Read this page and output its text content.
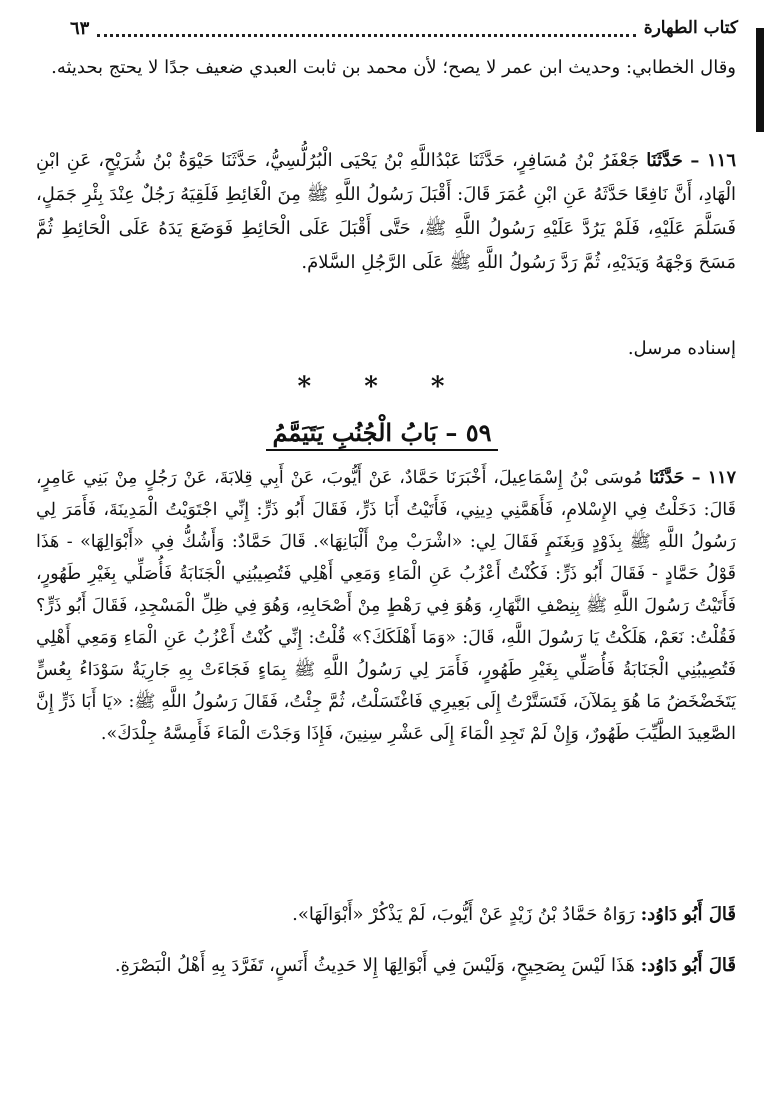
كتاب الطهارة
٦٣
وقال الخطابي: وحديث ابن عمر لا يصح؛ لأن محمد بن ثابت العبدي ضعيف جدًا لا يحتج بحديثه.
١١٦ – حَدَّثَنَا جَعْفَرُ بْنُ مُسَافِرٍ، حَدَّثَنَا عَبْدُاللَّهِ بْنُ يَحْيَى الْبُرُلُّسِيُّ، حَدَّثَنَا حَيْوَةُ بْنُ شُرَيْحٍ، عَنِ ابْنِ الْهَادِ، أَنَّ نَافِعًا حَدَّثَهُ عَنِ ابْنِ عُمَرَ قَالَ: أَقْبَلَ رَسُولُ اللَّهِ ﷺ مِنَ الْغَائِطِ فَلَقِيَهُ رَجُلٌ عِنْدَ بِئْرِ جَمَلٍ، فَسَلَّمَ عَلَيْهِ، فَلَمْ يَرُدَّ عَلَيْهِ رَسُولُ اللَّهِ ﷺ، حَتَّى أَقْبَلَ عَلَى الْحَائِطِ فَوَضَعَ يَدَهُ عَلَى الْحَائِطِ ثُمَّ مَسَحَ وَجْهَهُ وَيَدَيْهِ، ثُمَّ رَدَّ رَسُولُ اللَّهِ ﷺ عَلَى الرَّجُلِ السَّلامَ.
إسناده مرسل.
* * *
٥٩ – بَابُ الْجُنُبِ يَتَيَمَّمُ
١١٧ – حَدَّثَنَا مُوسَى بْنُ إِسْمَاعِيلَ، أَخْبَرَنَا حَمَّادٌ، عَنْ أَيُّوبَ، عَنْ أَبِي قِلابَةَ، عَنْ رَجُلٍ مِنْ بَنِي عَامِرٍ، قَالَ: دَخَلْتُ فِي الإِسْلامِ، فَأَهَمَّنِي دِينِي، فَأَتَيْتُ أَبَا ذَرٍّ، فَقَالَ أَبُو ذَرٍّ: إِنِّي اجْتَوَيْتُ الْمَدِينَةَ، فَأَمَرَ لِي رَسُولُ اللَّهِ ﷺ بِذَوْدٍ وَبِغَنَمٍ فَقَالَ لِي: «اشْرَبْ مِنْ أَلْبَانِهَا». قَالَ حَمَّادٌ: وَأَشُكُّ فِي «أَبْوَالِهَا» - هَذَا قَوْلُ حَمَّادٍ - فَقَالَ أَبُو ذَرٍّ: فَكُنْتُ أَعْزُبُ عَنِ الْمَاءِ وَمَعِي أَهْلِي فَتُصِيبُنِي الْجَنَابَةُ فَأُصَلِّي بِغَيْرِ طَهُورٍ، فَأَتَيْتُ رَسُولَ اللَّهِ ﷺ بِنِصْفِ النَّهَارِ، وَهُوَ فِي رَهْطٍ مِنْ أَصْحَابِهِ، وَهُوَ فِي ظِلِّ الْمَسْجِدِ، فَقَالَ أَبُو ذَرٍّ؟ فَقُلْتُ: نَعَمْ، هَلَكْتُ يَا رَسُولَ اللَّهِ، قَالَ: «وَمَا أَهْلَكَكَ؟» قُلْتُ: إِنِّي كُنْتُ أَعْزُبُ عَنِ الْمَاءِ وَمَعِي أَهْلِي فَتُصِيبُنِي الْجَنَابَةُ فَأُصَلِّي بِغَيْرِ طَهُورٍ، فَأَمَرَ لِي رَسُولُ اللَّهِ ﷺ بِمَاءٍ فَجَاءَتْ بِهِ جَارِيَةٌ سَوْدَاءُ بِعُسٍّ يَتَخَضْخَضُ مَا هُوَ بِمَلآنَ، فَتَسَتَّرْتُ إِلَى بَعِيرِي فَاغْتَسَلْتُ، ثُمَّ جِئْتُ، فَقَالَ رَسُولُ اللَّهِ ﷺ: «يَا أَبَا ذَرٍّ إِنَّ الصَّعِيدَ الطَّيِّبَ طَهُورٌ، وَإِنْ لَمْ تَجِدِ الْمَاءَ إِلَى عَشْرِ سِنِينَ، فَإِذَا وَجَدْتَ الْمَاءَ فَأَمِسَّهُ جِلْدَكَ».
قَالَ أَبُو دَاوُد: رَوَاهُ حَمَّادُ بْنُ زَيْدٍ عَنْ أَيُّوبَ، لَمْ يَذْكُرْ «أَبْوَالَهَا».
قَالَ أَبُو دَاوُد: هَذَا لَيْسَ بِصَحِيحٍ، وَلَيْسَ فِي أَبْوَالِهَا إِلا حَدِيثُ أَنَسٍ، تَفَرَّدَ بِهِ أَهْلُ الْبَصْرَةِ.
